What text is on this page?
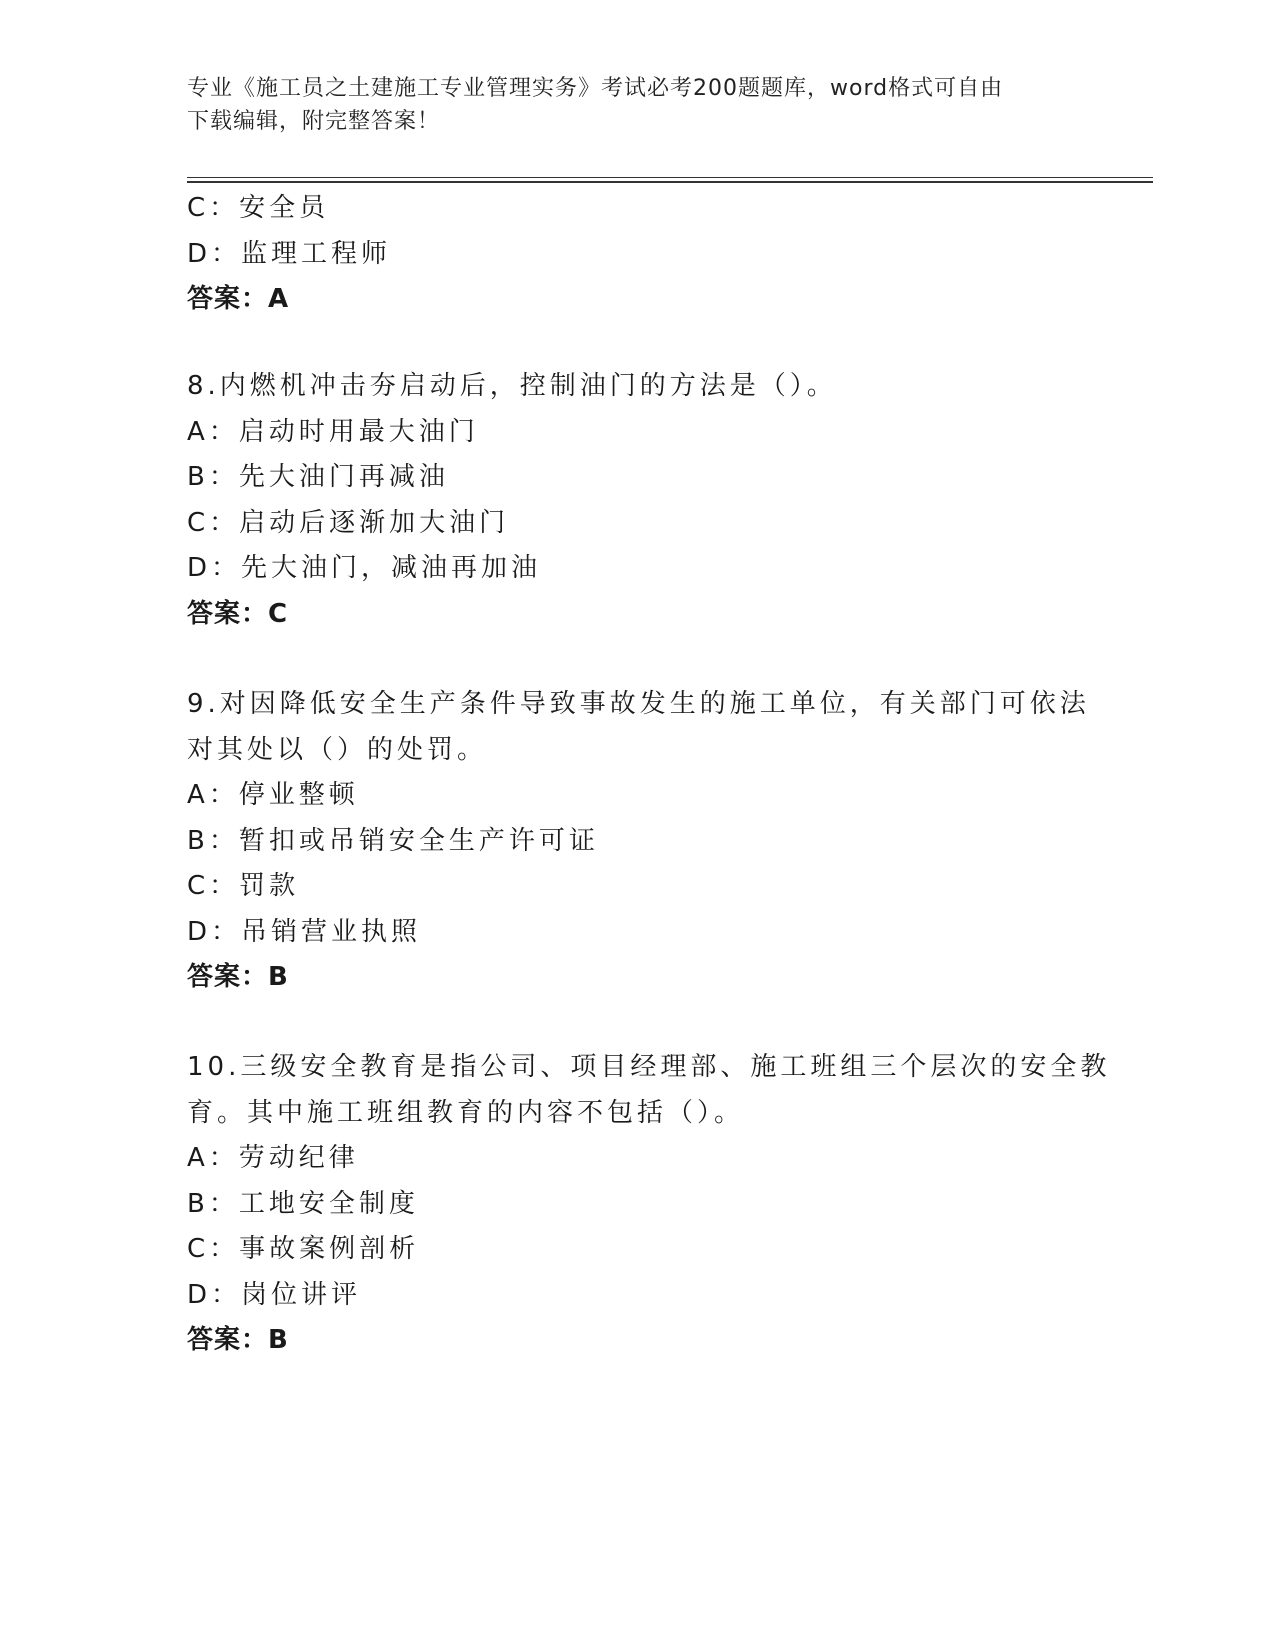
专业《施工员之土建施工专业管理实务》考试必考200题题库，word格式可自由
下载编辑，附完整答案！
C：安全员
D：监理工程师
答案：A
8.内燃机冲击夯启动后，控制油门的方法是（）。
A：启动时用最大油门
B：先大油门再减油
C：启动后逐渐加大油门
D：先大油门，减油再加油
答案：C
9.对因降低安全生产条件导致事故发生的施工单位，有关部门可依法
对其处以（）的处罚。
A：停业整顿
B：暂扣或吊销安全生产许可证
C：罚款
D：吊销营业执照
答案：B
10.三级安全教育是指公司、项目经理部、施工班组三个层次的安全教
育。其中施工班组教育的内容不包括（）。
A：劳动纪律
B：工地安全制度
C：事故案例剖析
D：岗位讲评
答案：B
